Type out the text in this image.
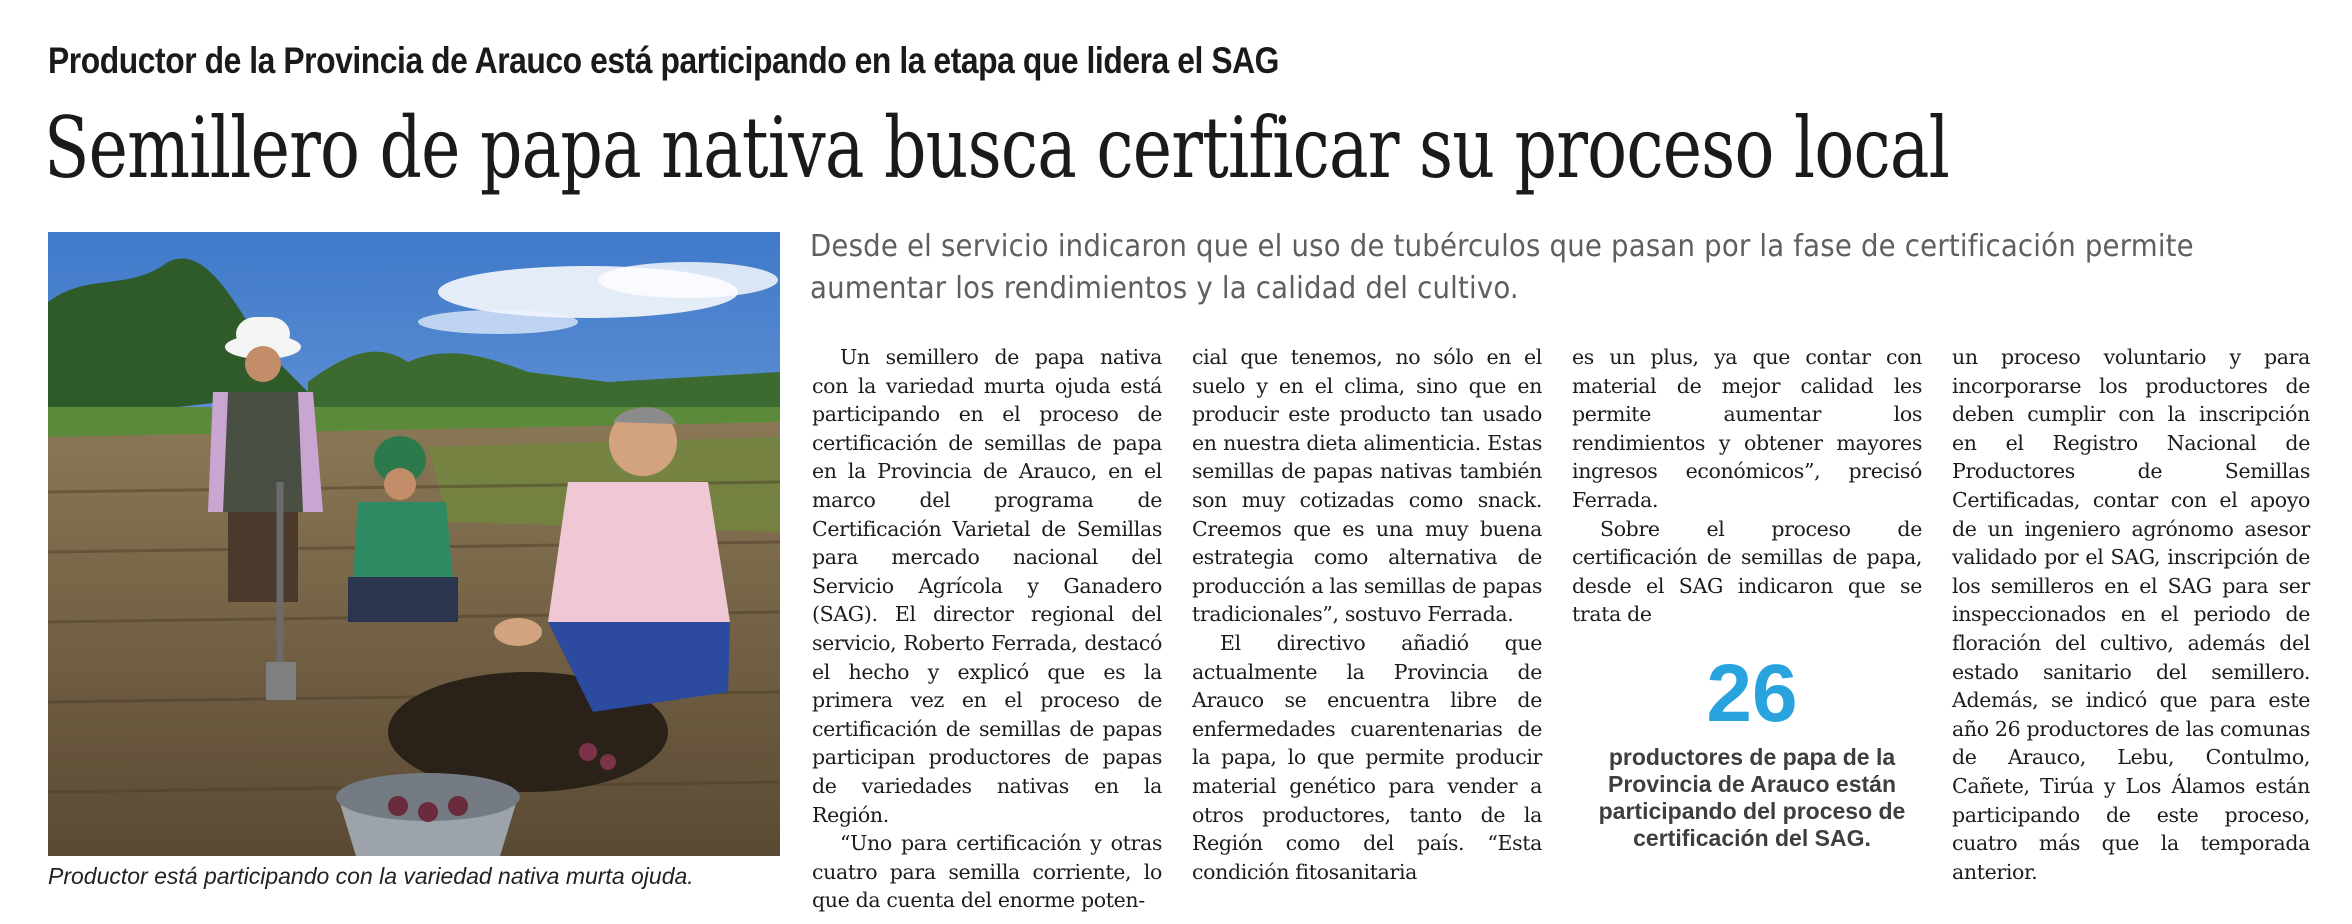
Productor de la Provincia de Arauco está participando en la etapa que lidera el SAG
Semillero de papa nativa busca certificar su proceso local

Productor está participando con la variedad nativa murta ojuda.

Desde el servicio indicaron que el uso de tubérculos que pasan por la fase de certificación permite aumentar los rendimientos y la calidad del cultivo.

Un semillero de papa nativa con la variedad murta ojuda está participando en el proceso de certificación de semillas de papa en la Provincia de Arauco, en el marco del programa de Certificación Varietal de Semillas para mercado nacional del Servicio Agrícola y Ganadero (SAG). El director regional del servicio, Roberto Ferrada, destacó el hecho y explicó que es la primera vez en el proceso de certificación de semillas de papas participan productores de papas de variedades nativas en la Región.

“Uno para certificación y otras cuatro para semilla corriente, lo que da cuenta del enorme poten-

cial que tenemos, no sólo en el suelo y en el clima, sino que en producir este producto tan usado en nuestra dieta alimenticia. Estas semillas de papas nativas también son muy cotizadas como snack. Creemos que es una muy buena estrategia como alternativa de producción a las semillas de papas tradicionales”, sostuvo Ferrada.

El directivo añadió que actualmente la Provincia de Arauco se encuentra libre de enfermedades cuarentenarias de la papa, lo que permite producir material genético para vender a otros productores, tanto de la Región como del país. “Esta condición fitosanitaria

es un plus, ya que contar con material de mejor calidad les permite aumentar los rendimientos y obtener mayores ingresos económicos”, precisó Ferrada.

Sobre el proceso de certificación de semillas de papa, desde el SAG indicaron que se trata de

un proceso voluntario y para incorporarse los productores de deben cumplir con la inscripción en el Registro Nacional de Productores de Semillas Certificadas, contar con el apoyo de un ingeniero agrónomo asesor validado por el SAG, inscripción de los semilleros en el SAG para ser inspeccionados en el periodo de floración del cultivo, además del estado sanitario del semillero. Además, se indicó que para este año 26 productores de las comunas de Arauco, Lebu, Contulmo, Cañete, Tirúa y Los Álamos están participando de este proceso, cuatro más que la temporada anterior.

26
productores de papa de la Provincia de Arauco están participando del proceso de certificación del SAG.
